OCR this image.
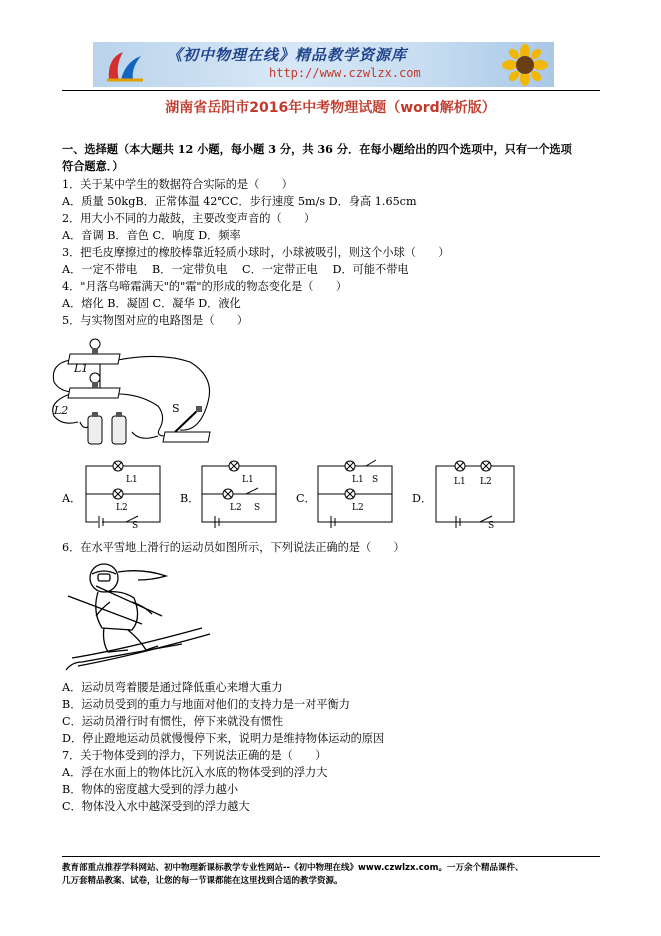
《初中物理在线》精品教学资源库
http://www.czwlzx.com
湖南省岳阳市2016年中考物理试题（word解析版）
一、选择题（本大题共 12 小题，每小题 3 分，共 36 分．在每小题给出的四个选项中，只有一个选项
符合题意．）
1．关于某中学生的数据符合实际的是（　　）
A．质量 50kgB．正常体温 42℃C．步行速度 5m/s D．身高 1.65cm
2．用大小不同的力敲鼓，主要改变声音的（　　）
A．音调 B．音色 C．响度 D．频率
3．把毛皮摩擦过的橡胶棒靠近轻质小球时，小球被吸引，则这个小球（　　）
A．一定不带电　 B．一定带负电　 C．一定带正电　 D．可能不带电
4．"月落乌啼霜满天"的"霜"的形成的物态变化是（　　）
A．熔化 B．凝固 C．凝华 D．液化
5．与实物图对应的电路图是（　　）
L1
L2	S
A．
L1
L2
S
B．
L1
L2 S
C．
L1 S
L2
D．
L1 L2
S
6．在水平雪地上滑行的运动员如图所示，下列说法正确的是（　　）
A．运动员弯着腰是通过降低重心来增大重力
B．运动员受到的重力与地面对他们的支持力是一对平衡力
C．运动员滑行时有惯性，停下来就没有惯性
D．停止蹬地运动员就慢慢停下来，说明力是维持物体运动的原因
7．关于物体受到的浮力，下列说法正确的是（　　）
A．浮在水面上的物体比沉入水底的物体受到的浮力大
B．物体的密度越大受到的浮力越小
C．物体没入水中越深受到的浮力越大
教育部重点推荐学科网站、初中物理新课标教学专业性网站--《初中物理在线》www.czwlzx.com。一万余个精品课件、
几万套精品教案、试卷，让您的每一节课都能在这里找到合适的教学资源。
